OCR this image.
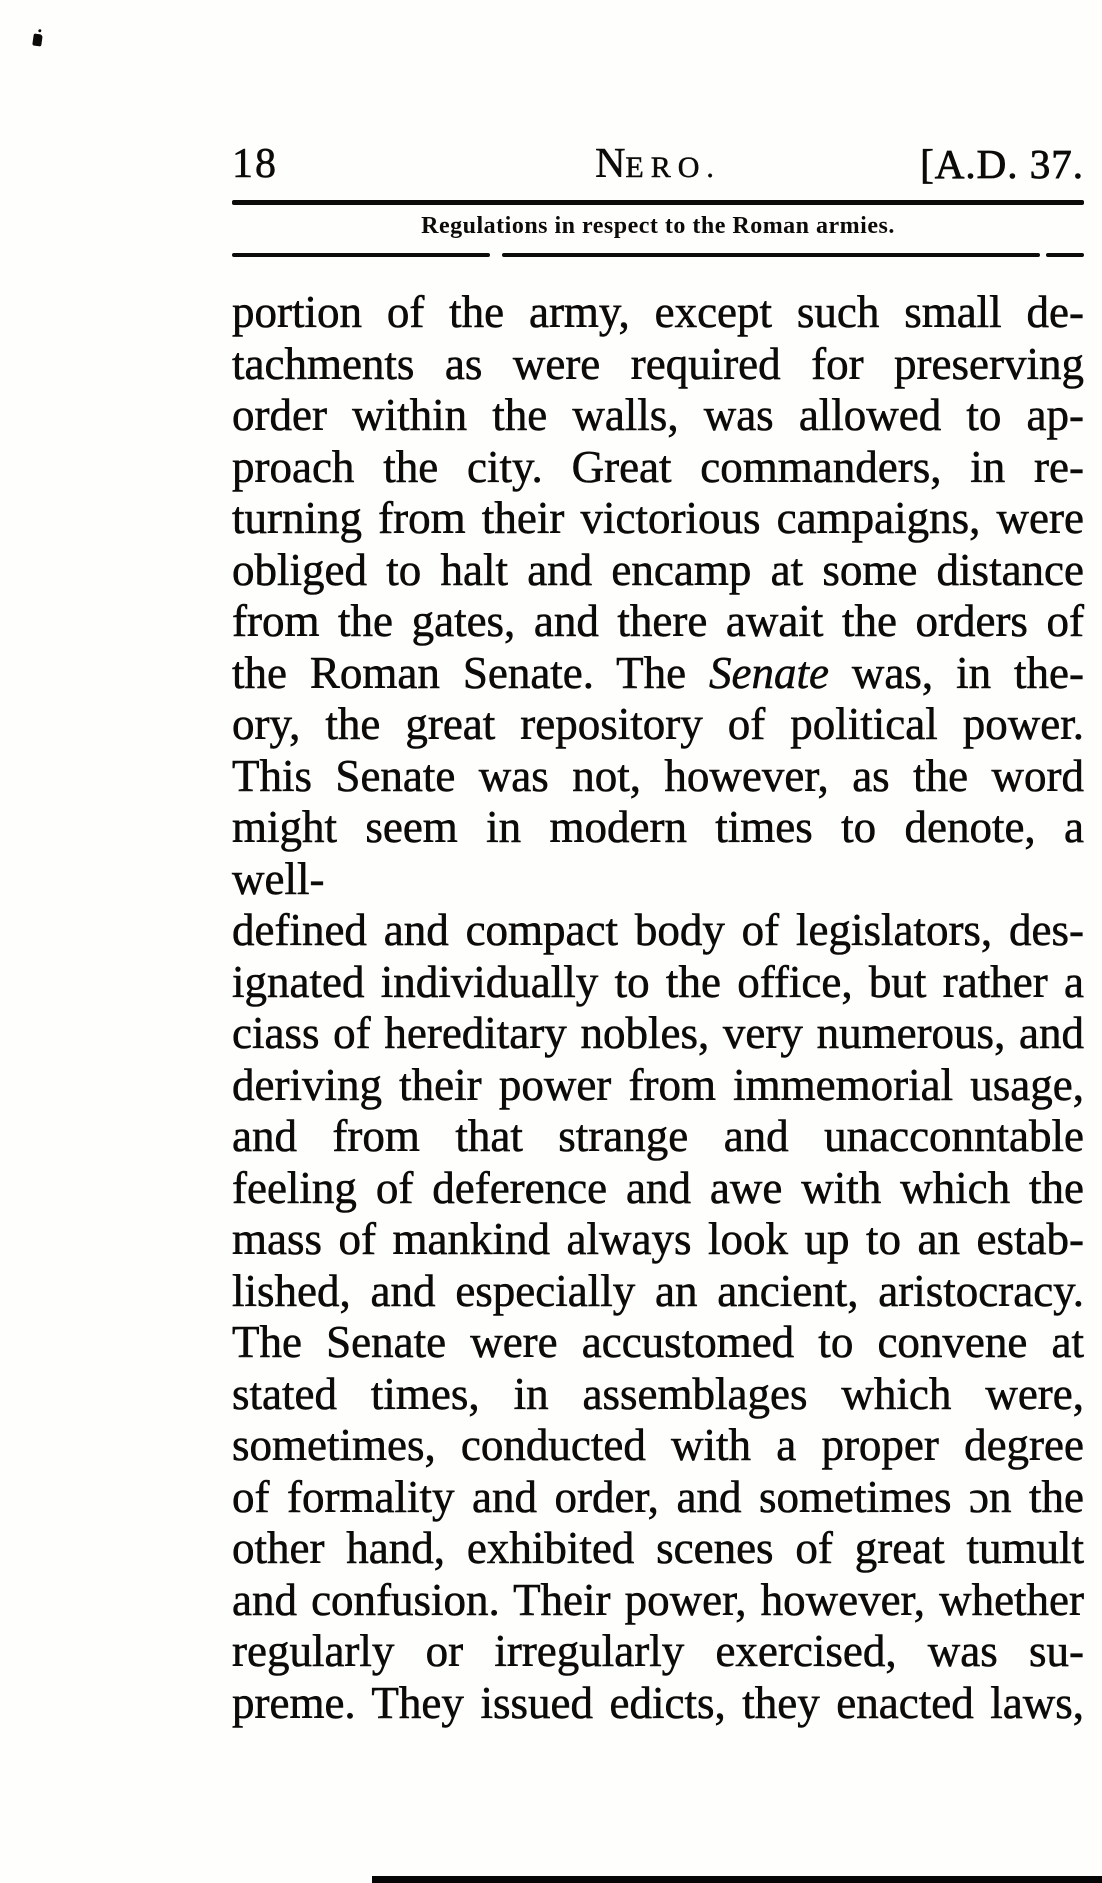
18	NERO.	[A.D. 37.
Regulations in respect to the Roman armies.
portion of the army, except such small de-
tachments as were required for preserving
order within the walls, was allowed to ap-
proach the city. Great commanders, in re-
turning from their victorious campaigns, were
obliged to halt and encamp at some distance
from the gates, and there await the orders of
the Roman Senate. The Senate was, in the-
ory, the great repository of political power.
This Senate was not, however, as the word
might seem in modern times to denote, a well-
defined and compact body of legislators, des-
ignated individually to the office, but rather a
ciass of hereditary nobles, very numerous, and
deriving their power from immemorial usage,
and from that strange and unacconntable
feeling of deference and awe with which the
mass of mankind always look up to an estab-
lished, and especially an ancient, aristocracy.
The Senate were accustomed to convene at
stated times, in assemblages which were,
sometimes, conducted with a proper degree
of formality and order, and sometimes ɔn the
other hand, exhibited scenes of great tumult
and confusion. Their power, however, whether
regularly or irregularly exercised, was su-
preme. They issued edicts, they enacted laws,
